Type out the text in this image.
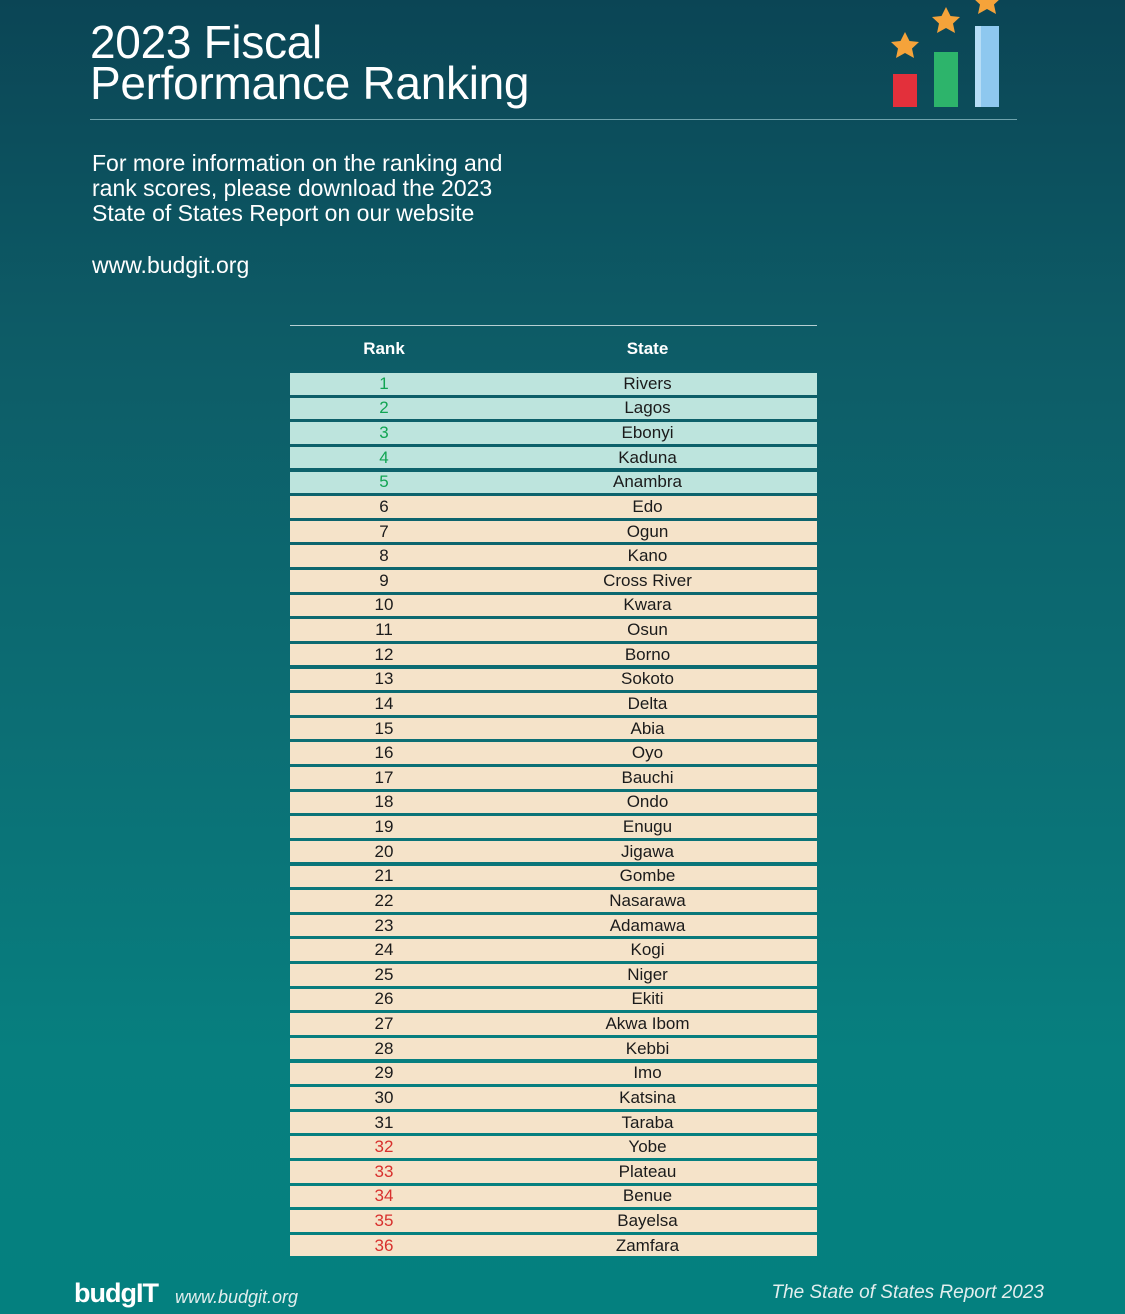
2023 Fiscal
Performance Ranking
For more information on the ranking and
rank scores, please download the 2023
State of States Report on our website
www.budgit.org
Rank	State
1	Rivers
2	Lagos
3	Ebonyi
4	Kaduna
5	Anambra
6	Edo
7	Ogun
8	Kano
9	Cross River
10	Kwara
11	Osun
12	Borno
13	Sokoto
14	Delta
15	Abia
16	Oyo
17	Bauchi
18	Ondo
19	Enugu
20	Jigawa
21	Gombe
22	Nasarawa
23	Adamawa
24	Kogi
25	Niger
26	Ekiti
27	Akwa Ibom
28	Kebbi
29	Imo
30	Katsina
31	Taraba
32	Yobe
33	Plateau
34	Benue
35	Bayelsa
36	Zamfara
budgIT www.budgit.org	The State of States Report 2023
